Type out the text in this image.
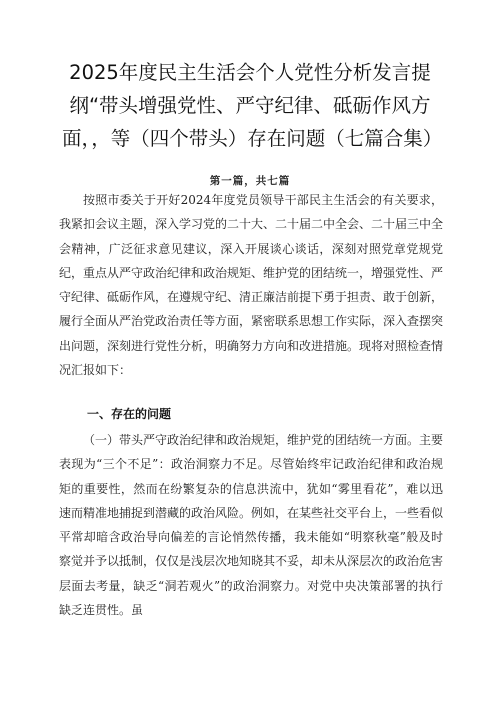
2025年度民主生活会个人党性分析发言提纲“带头增强党性、严守纪律、砥砺作风方面，，等（四个带头）存在问题（七篇合集）
第一篇，共七篇

按照市委关于开好2024年度党员领导干部民主生活会的有关要求，我紧扣会议主题，深入学习党的二十大、二十届二中全会、二十届三中全会精神，广泛征求意见建议，深入开展谈心谈话，深刻对照党章党规党纪，重点从严守政治纪律和政治规矩、维护党的团结统一，增强党性、严守纪律、砥砺作风，在遵规守纪、清正廉洁前提下勇于担责、敢于创新，履行全面从严治党政治责任等方面，紧密联系思想工作实际，深入查摆突出问题，深刻进行党性分析，明确努力方向和改进措施。现将对照检查情况汇报如下：

一、存在的问题

（一）带头严守政治纪律和政治规矩，维护党的团结统一方面。主要表现为“三个不足”：政治洞察力不足。尽管始终牢记政治纪律和政治规矩的重要性，然而在纷繁复杂的信息洪流中，犹如“雾里看花”，难以迅速而精准地捕捉到潜藏的政治风险。例如，在某些社交平台上，一些看似平常却暗含政治导向偏差的言论悄然传播，我未能如“明察秋毫”般及时察觉并予以抵制，仅仅是浅层次地知晓其不妥，却未从深层次的政治危害层面去考量，缺乏“洞若观火”的政治洞察力。对党中央决策部署的执行缺乏连贯性。虽
